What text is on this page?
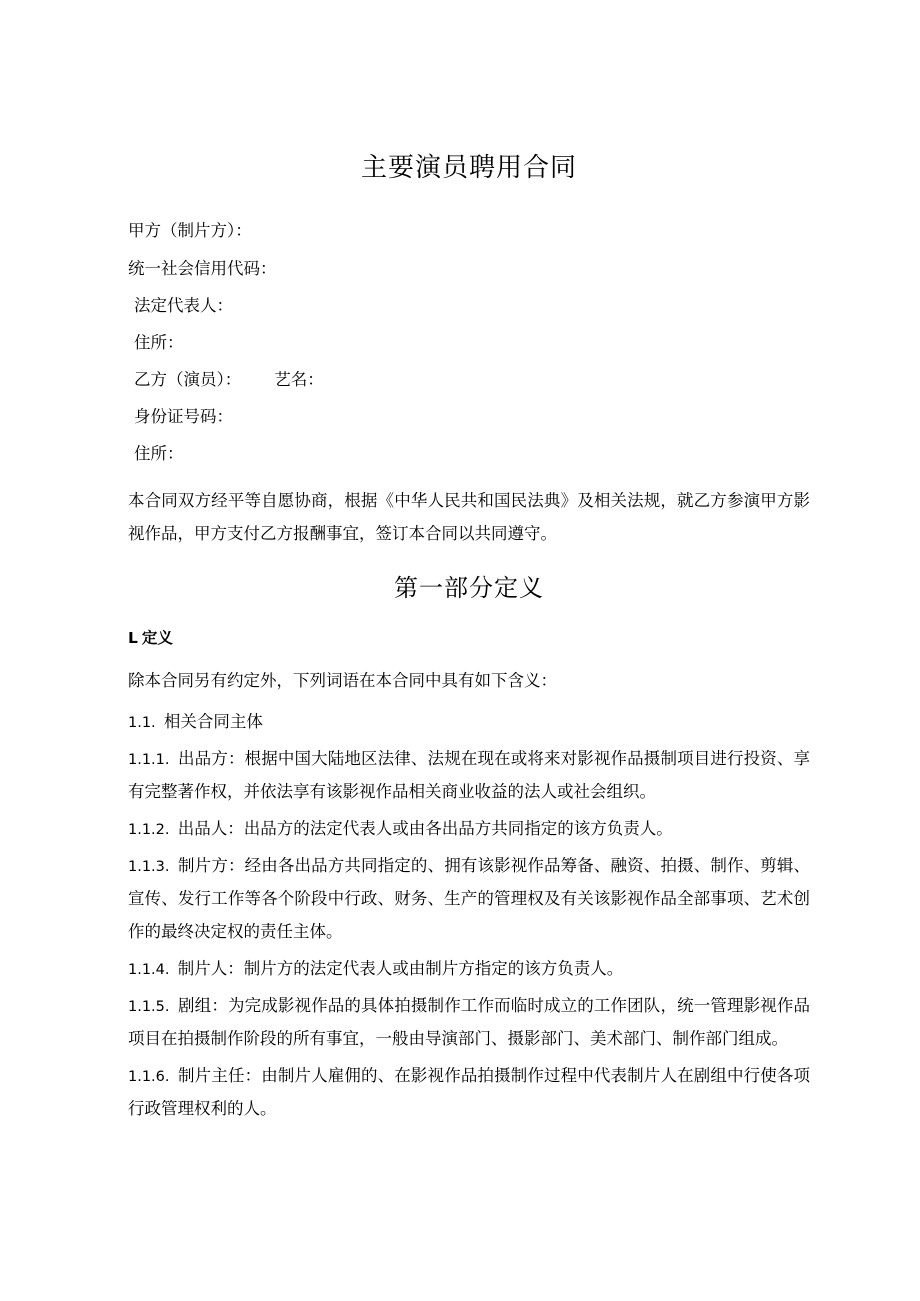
主要演员聘用合同

甲方（制片方）：

统一社会信用代码：

法定代表人：

住所：

乙方（演员）：        艺名：

身份证号码：

住所：

本合同双方经平等自愿协商，根据《中华人民共和国民法典》及相关法规，就乙方参演甲方影视作品，甲方支付乙方报酬事宜，签订本合同以共同遵守。

第一部分定义

L 定义

除本合同另有约定外，下列词语在本合同中具有如下含义：

1.1. 相关合同主体

1.1.1. 出品方：根据中国大陆地区法律、法规在现在或将来对影视作品摄制项目进行投资、享有完整著作权，并依法享有该影视作品相关商业收益的法人或社会组织。

1.1.2. 出品人：出品方的法定代表人或由各出品方共同指定的该方负责人。

1.1.3. 制片方：经由各出品方共同指定的、拥有该影视作品筹备、融资、拍摄、制作、剪辑、宣传、发行工作等各个阶段中行政、财务、生产的管理权及有关该影视作品全部事项、艺术创作的最终决定权的责任主体。

1.1.4. 制片人：制片方的法定代表人或由制片方指定的该方负责人。

1.1.5. 剧组：为完成影视作品的具体拍摄制作工作而临时成立的工作团队，统一管理影视作品项目在拍摄制作阶段的所有事宜，一般由导演部门、摄影部门、美术部门、制作部门组成。

1.1.6. 制片主任：由制片人雇佣的、在影视作品拍摄制作过程中代表制片人在剧组中行使各项行政管理权利的人。
